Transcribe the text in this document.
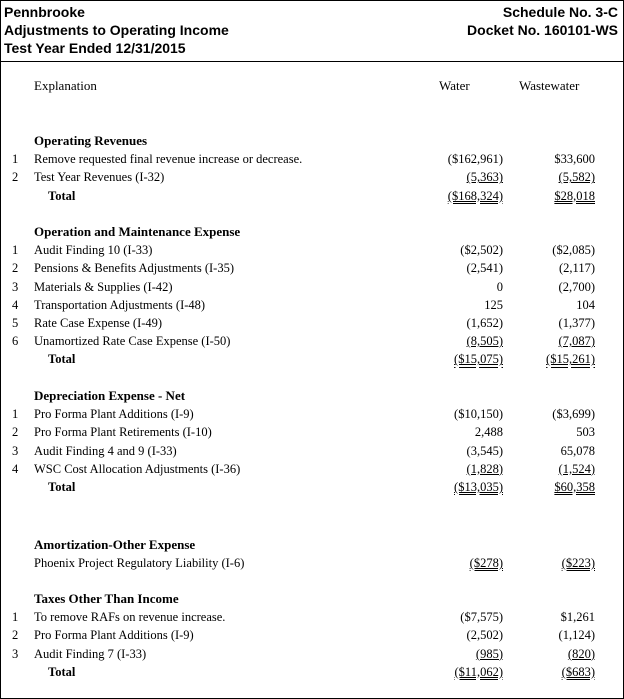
Pennbrooke
Adjustments to Operating Income
Test Year Ended 12/31/2015
Schedule No. 3-C
Docket No. 160101-WS
Explanation	Water	Wastewater
Operating Revenues
1 Remove requested final revenue increase or decrease.	($162,961)	$33,600
2 Test Year Revenues (I-32)	(5,363)	(5,582)
Total	($168,324)	$28,018
Operation and Maintenance Expense
1 Audit Finding 10 (I-33)	($2,502)	($2,085)
2 Pensions & Benefits Adjustments (I-35)	(2,541)	(2,117)
3 Materials & Supplies (I-42)	0	(2,700)
4 Transportation Adjustments (I-48)	125	104
5 Rate Case Expense (I-49)	(1,652)	(1,377)
6 Unamortized Rate Case Expense (I-50)	(8,505)	(7,087)
Total	($15,075)	($15,261)
Depreciation Expense - Net
1 Pro Forma Plant Additions (I-9)	($10,150)	($3,699)
2 Pro Forma Plant Retirements (I-10)	2,488	503
3 Audit Finding 4 and 9 (I-33)	(3,545)	65,078
4 WSC Cost Allocation Adjustments (I-36)	(1,828)	(1,524)
Total	($13,035)	$60,358
Amortization-Other Expense
Phoenix Project Regulatory Liability (I-6)	($278)	($223)
Taxes Other Than Income
1 To remove RAFs on revenue increase.	($7,575)	$1,261
2 Pro Forma Plant Additions (I-9)	(2,502)	(1,124)
3 Audit Finding 7 (I-33)	(985)	(820)
Total	($11,062)	($683)
